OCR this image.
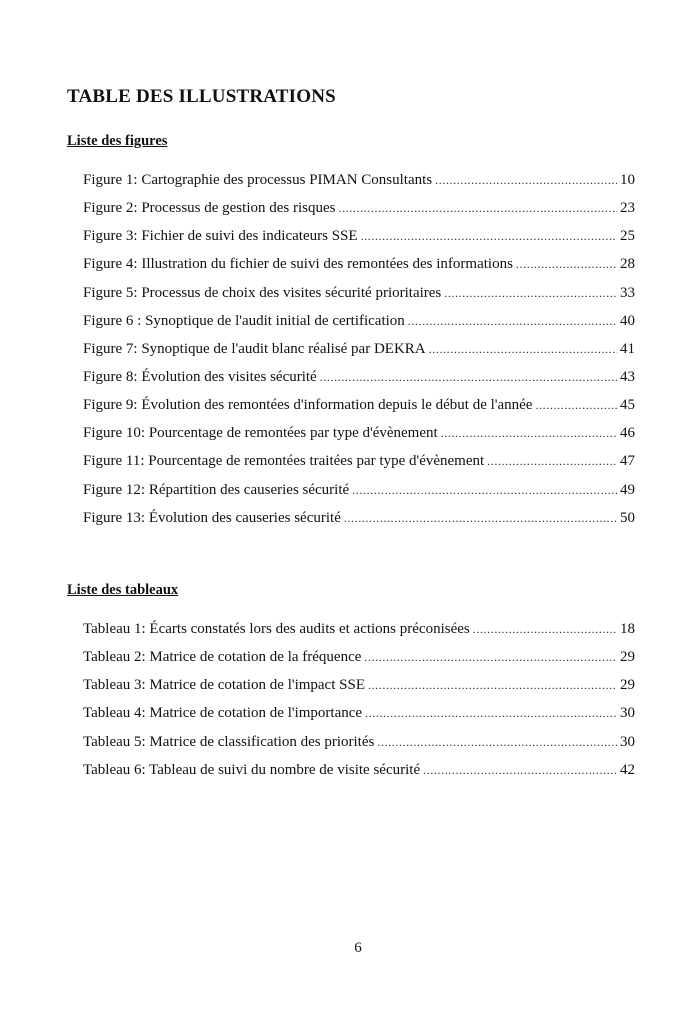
TABLE DES ILLUSTRATIONS
Liste des figures
Figure 1: Cartographie des processus PIMAN Consultants .....	10
Figure 2: Processus de gestion des risques .....	23
Figure 3: Fichier de suivi des indicateurs SSE .....	25
Figure 4: Illustration du fichier de suivi des remontées des informations .....	28
Figure 5: Processus de choix des visites sécurité prioritaires .....	33
Figure 6 : Synoptique de l'audit initial de certification .....	40
Figure 7: Synoptique de l'audit blanc réalisé par DEKRA .....	41
Figure 8: Évolution des visites sécurité .....	43
Figure 9: Évolution des remontées d'information depuis le début de l'année .....	45
Figure 10: Pourcentage de remontées par type d'évènement .....	46
Figure 11: Pourcentage de remontées traitées par type d'évènement .....	47
Figure 12: Répartition des causeries sécurité .....	49
Figure 13: Évolution des causeries sécurité .....	50
Liste des tableaux
Tableau 1: Écarts constatés lors des audits et actions préconisées .....	18
Tableau 2: Matrice de cotation de la fréquence .....	29
Tableau 3: Matrice de cotation de l'impact SSE .....	29
Tableau 4: Matrice de cotation de l'importance .....	30
Tableau 5: Matrice de classification des priorités .....	30
Tableau 6: Tableau de suivi du nombre de visite sécurité .....	42
6
